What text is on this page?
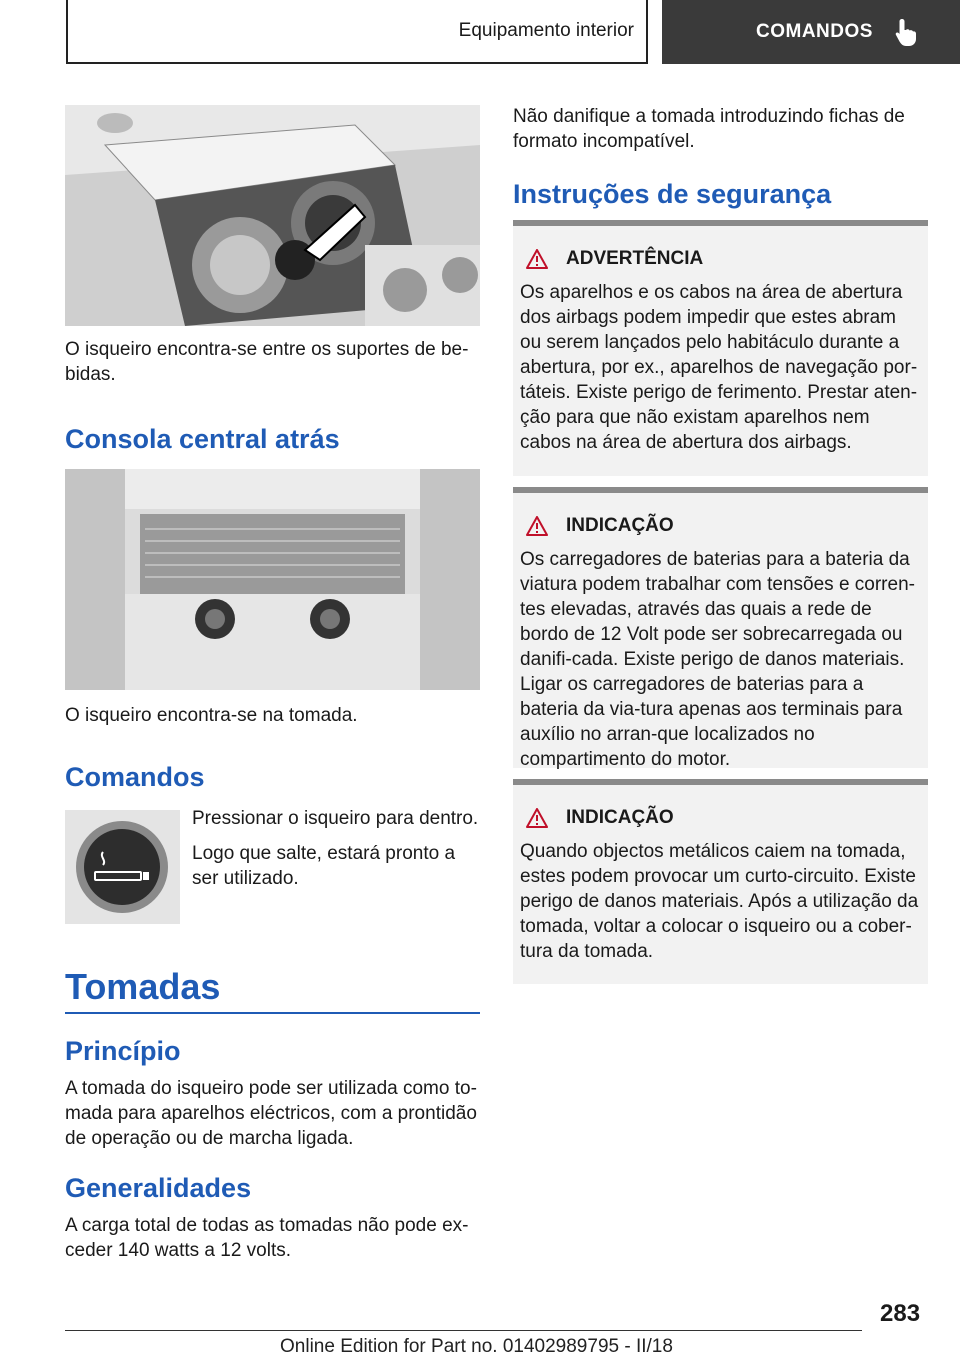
Equipamento interior	COMANDOS

O isqueiro encontra-se entre os suportes de be-bidas.

Consola central atrás

O isqueiro encontra-se na tomada.

Comandos

Pressionar o isqueiro para dentro.

Logo que salte, estará pronto a ser utilizado.

Tomadas
Princípio

A tomada do isqueiro pode ser utilizada como to-mada para aparelhos eléctricos, com a prontidão de operação ou de marcha ligada.

Generalidades

A carga total de todas as tomadas não pode ex-ceder 140 watts a 12 volts.

Não danifique a tomada introduzindo fichas de formato incompatível.

Instruções de segurança
ADVERTÊNCIA
Os aparelhos e os cabos na área de abertura dos airbags podem impedir que estes abram ou serem lançados pelo habitáculo durante a abertura, por ex., aparelhos de navegação por-táteis. Existe perigo de ferimento. Prestar aten-ção para que não existam aparelhos nem cabos na área de abertura dos airbags.
INDICAÇÃO
Os carregadores de baterias para a bateria da viatura podem trabalhar com tensões e corren-tes elevadas, através das quais a rede de bordo de 12 Volt pode ser sobrecarregada ou danifi-cada. Existe perigo de danos materiais. Ligar os carregadores de baterias para a bateria da via-tura apenas aos terminais para auxílio no arran-que localizados no compartimento do motor.
INDICAÇÃO
Quando objectos metálicos caiem na tomada, estes podem provocar um curto-circuito. Existe perigo de danos materiais. Após a utilização da tomada, voltar a colocar o isqueiro ou a cober-tura da tomada.
283
Online Edition for Part no. 01402989795 - II/18
